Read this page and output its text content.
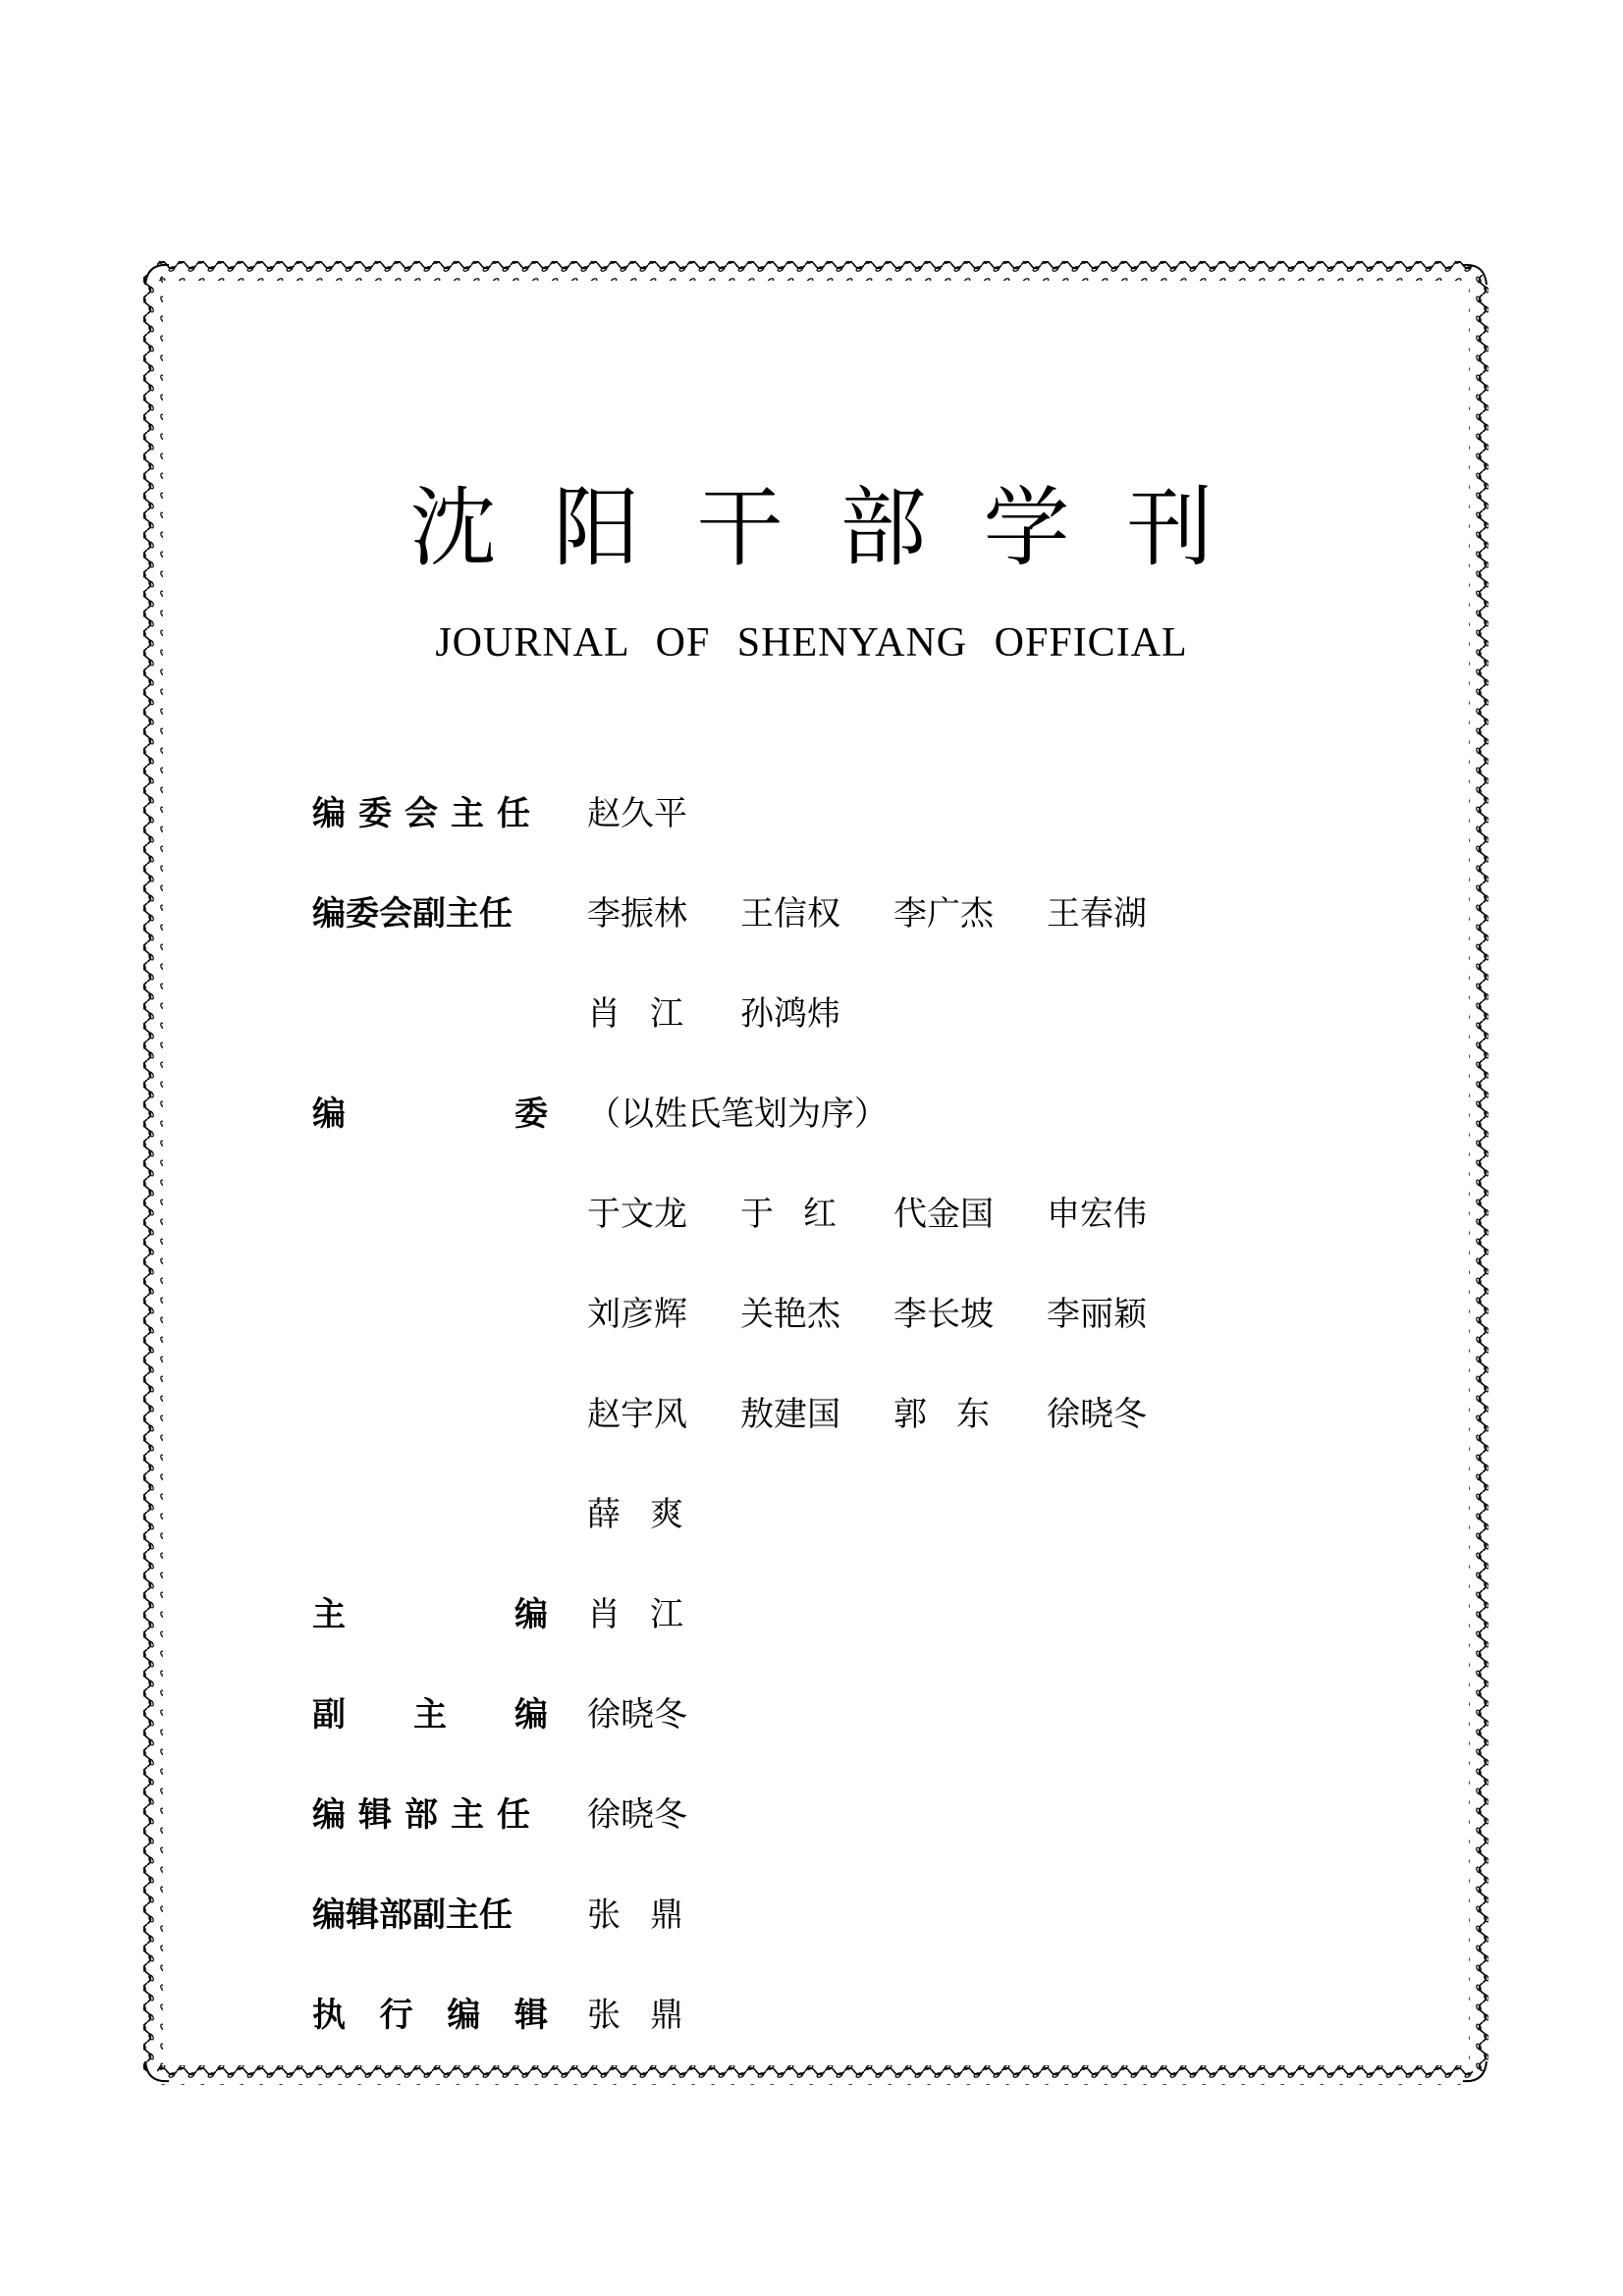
沈阳干部学刊
JOURNAL OF SHENYANG OFFICIAL
编委会主任 赵久平
编委会副主任 李振林	王信权	李广杰	王春湖
肖江 孙鸿炜
编	委 （以姓氏笔划为序）
于文龙	于红 代金国	申宏伟
刘彦辉	关艳杰	李长坡	李丽颖
赵宇风	敖建国	郭东 徐晓冬
薛爽
主	编 肖江
副 主 编 徐晓冬
编辑部主任 徐晓冬
编辑部副主任 张鼎
执 行 编 辑 张鼎
